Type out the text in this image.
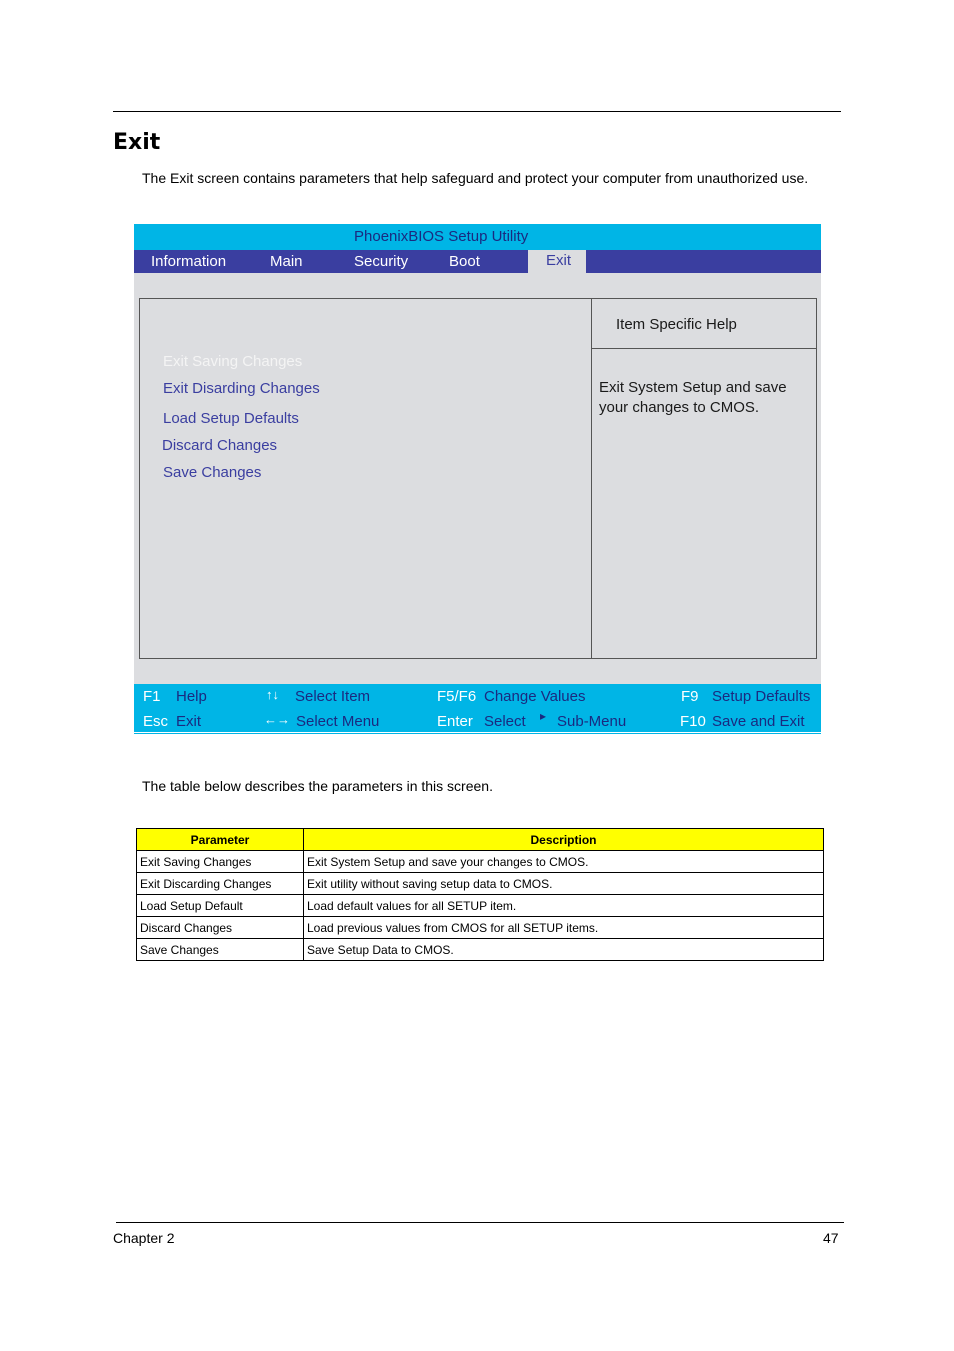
Exit
The Exit screen contains parameters that help safeguard and protect your computer from unauthorized use.
PhoenixBIOS Setup Utility
Information	Main	Security	Boot	Exit
Exit Saving Changes
Exit Disarding Changes
Load Setup Defaults
Discard Changes
Save Changes
Item Specific Help
Exit System Setup and save your changes to CMOS.
F1 Help	↑↓ Select Item	F5/F6 Change Values	F9 Setup Defaults
Esc Exit	←→ Select Menu	Enter Select ▸ Sub-Menu	F10 Save and Exit
The table below describes the parameters in this screen.
Parameter	Description
Exit Saving Changes	Exit System Setup and save your changes to CMOS.
Exit Discarding Changes	Exit utility without saving setup data to CMOS.
Load Setup Default	Load default values for all SETUP item.
Discard Changes	Load previous values from CMOS for all SETUP items.
Save Changes	Save Setup Data to CMOS.
Chapter 2	47
